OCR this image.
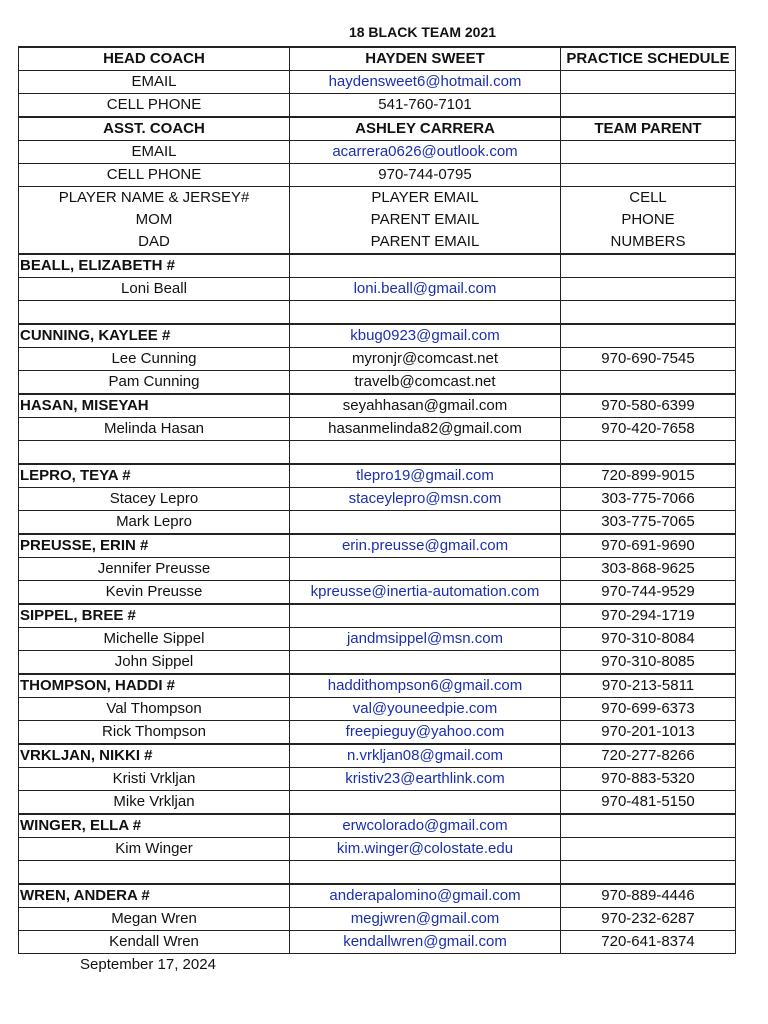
18 BLACK TEAM 2021
HEAD COACH	HAYDEN SWEET	PRACTICE SCHEDULE
EMAIL	haydensweet6@hotmail.com	
CELL PHONE	541-760-7101	
ASST. COACH	ASHLEY CARRERA	TEAM PARENT
EMAIL	acarrera0626@outlook.com	
CELL PHONE	970-744-0795	
PLAYER NAME & JERSEY#	PLAYER EMAIL	CELL
MOM	PARENT EMAIL	PHONE
DAD	PARENT EMAIL	NUMBERS
BEALL, ELIZABETH #		
Loni Beall	loni.beall@gmail.com	

CUNNING, KAYLEE #	kbug0923@gmail.com	
Lee Cunning	myronjr@comcast.net	970-690-7545
Pam Cunning	travelb@comcast.net	
HASAN, MISEYAH	seyahhasan@gmail.com	970-580-6399
Melinda Hasan	hasanmelinda82@gmail.com	970-420-7658

LEPRO, TEYA #	tlepro19@gmail.com	720-899-9015
Stacey Lepro	staceylepro@msn.com	303-775-7066
Mark Lepro		303-775-7065
PREUSSE, ERIN #	erin.preusse@gmail.com	970-691-9690
Jennifer Preusse		303-868-9625
Kevin Preusse	kpreusse@inertia-automation.com	970-744-9529
SIPPEL, BREE #		970-294-1719
Michelle Sippel	jandmsippel@msn.com	970-310-8084
John Sippel		970-310-8085
THOMPSON, HADDI #	haddithompson6@gmail.com	970-213-5811
Val Thompson	val@youneedpie.com	970-699-6373
Rick Thompson	freepieguy@yahoo.com	970-201-1013
VRKLJAN, NIKKI #	n.vrkljan08@gmail.com	720-277-8266
Kristi Vrkljan	kristiv23@earthlink.com	970-883-5320
Mike Vrkljan		970-481-5150
WINGER, ELLA #	erwcolorado@gmail.com	
Kim Winger	kim.winger@colostate.edu	

WREN, ANDERA #	anderapalomino@gmail.com	970-889-4446
Megan Wren	megjwren@gmail.com	970-232-6287
Kendall Wren	kendallwren@gmail.com	720-641-8374
September 17, 2024
